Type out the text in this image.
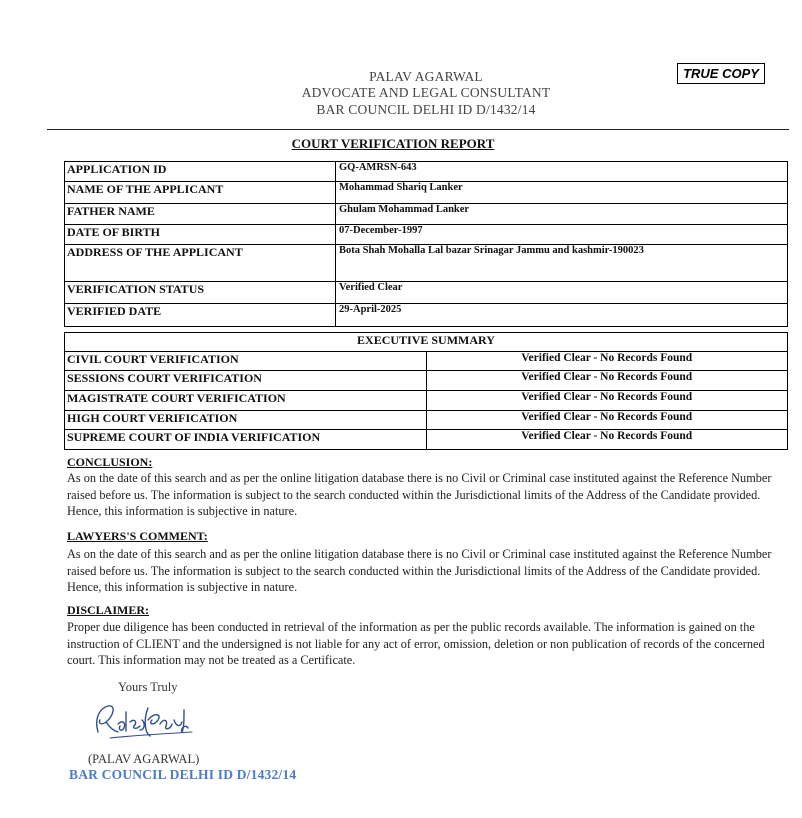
PALAV AGARWAL
ADVOCATE AND LEGAL CONSULTANT
BAR COUNCIL DELHI ID D/1432/14
TRUE COPY
COURT VERIFICATION REPORT
APPLICATION ID	GQ-AMRSN-643
NAME OF THE APPLICANT	Mohammad Shariq Lanker
FATHER NAME	Ghulam Mohammad Lanker
DATE OF BIRTH	07-December-1997
ADDRESS OF THE APPLICANT	Bota Shah Mohalla Lal bazar Srinagar Jammu and kashmir-190023
VERIFICATION STATUS	Verified Clear
VERIFIED DATE	29-April-2025
EXECUTIVE SUMMARY	
CIVIL COURT VERIFICATION	Verified Clear - No Records Found
SESSIONS COURT VERIFICATION	Verified Clear - No Records Found
MAGISTRATE COURT VERIFICATION	Verified Clear - No Records Found
HIGH COURT VERIFICATION	Verified Clear - No Records Found
SUPREME COURT OF INDIA VERIFICATION	Verified Clear - No Records Found
CONCLUSION:
As on the date of this search and as per the online litigation database there is no Civil or Criminal case instituted against the Reference Number raised before us. The information is subject to the search conducted within the Jurisdictional limits of the Address of the Candidate provided. Hence, this information is subjective in nature.
LAWYERS'S COMMENT:
As on the date of this search and as per the online litigation database there is no Civil or Criminal case instituted against the Reference Number raised before us. The information is subject to the search conducted within the Jurisdictional limits of the Address of the Candidate provided. Hence, this information is subjective in nature.
DISCLAIMER:
Proper due diligence has been conducted in retrieval of the information as per the public records available. The information is gained on the instruction of CLIENT and the undersigned is not liable for any act of error, omission, deletion or non publication of records of the concerned court. This information may not be treated as a Certificate.
Yours Truly
(PALAV AGARWAL)
BAR COUNCIL DELHI ID D/1432/14
